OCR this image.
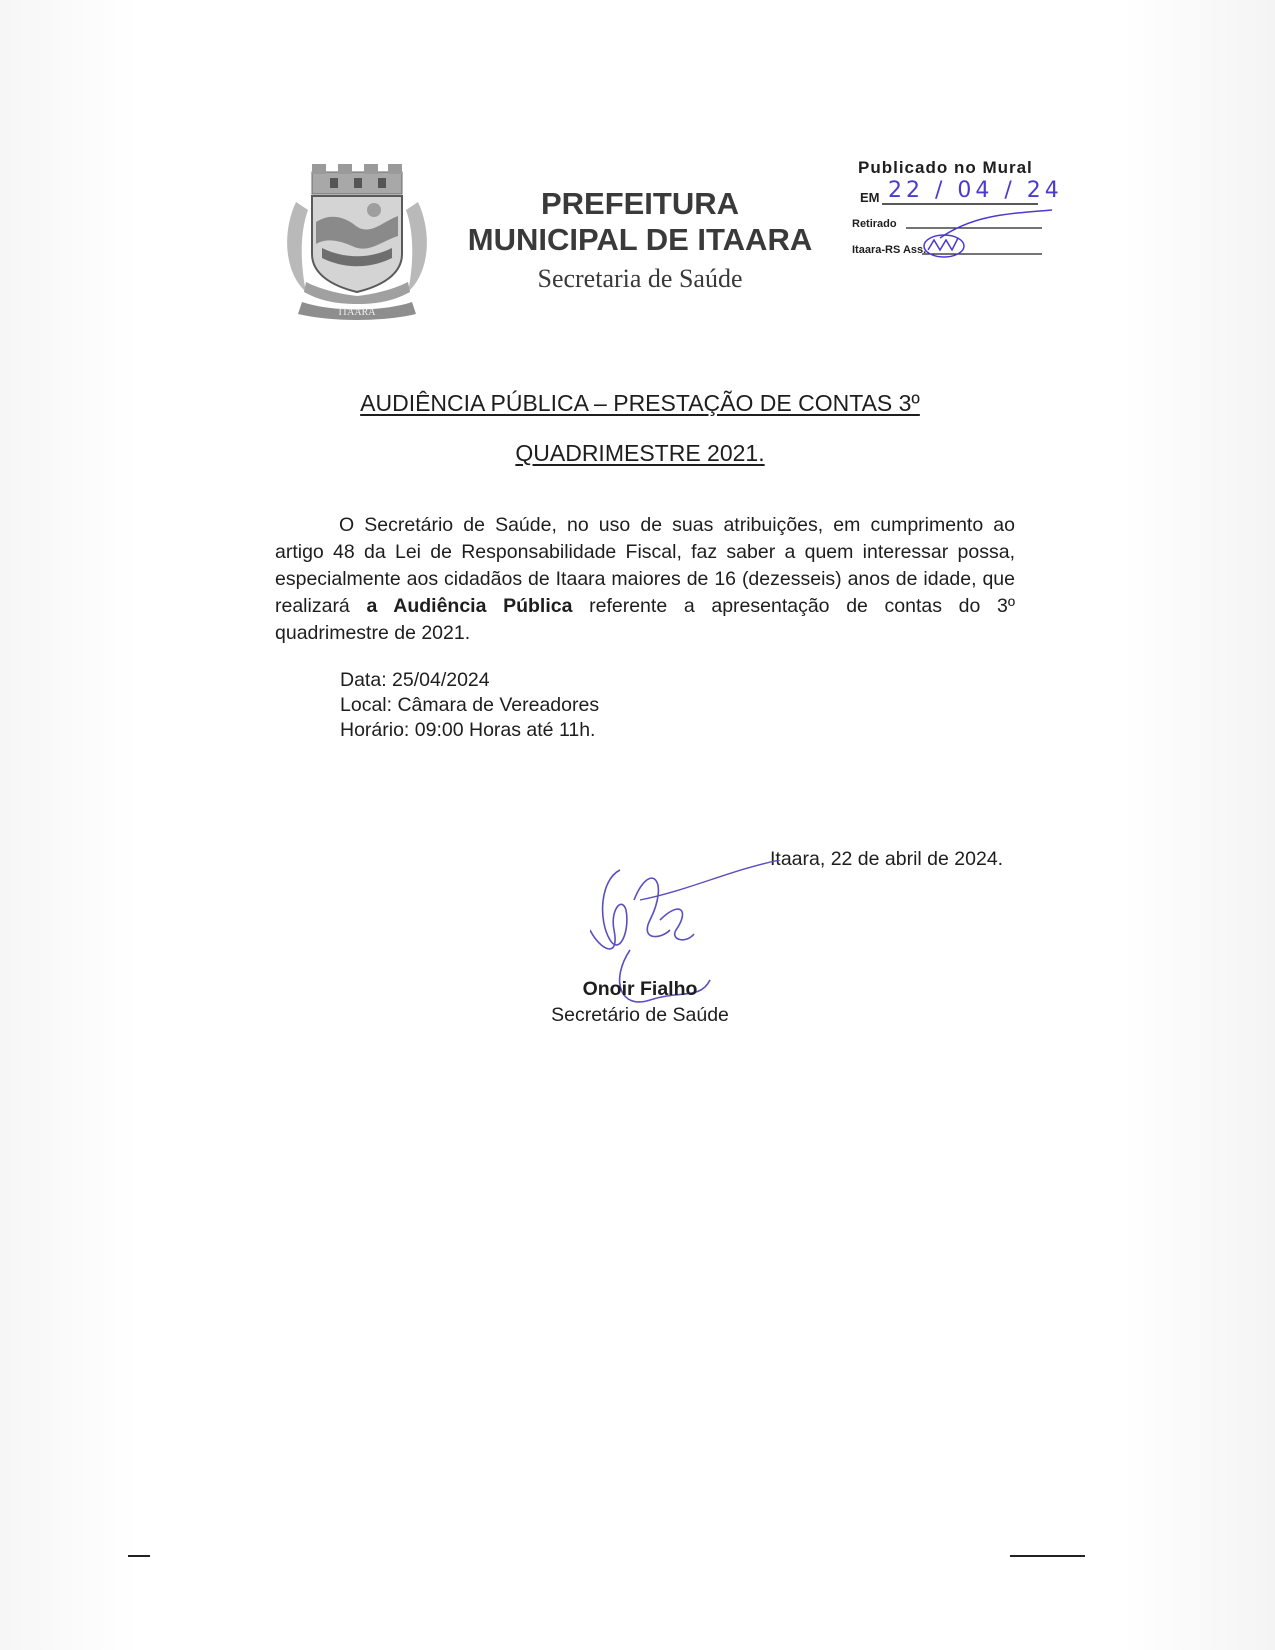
ITAARA
PREFEITURA
MUNICIPAL DE ITAARA
Secretaria de Saúde
Publicado no Mural
EM 22 / 04 / 24
Retirado
Itaara-RS Ass.
AUDIÊNCIA PÚBLICA – PRESTAÇÃO DE CONTAS 3º
QUADRIMESTRE 2021.
O Secretário de Saúde, no uso de suas atribuições, em cumprimento ao artigo 48 da Lei de Responsabilidade Fiscal, faz saber a quem interessar possa, especialmente aos cidadãos de Itaara maiores de 16 (dezesseis) anos de idade, que realizará a Audiência Pública referente a apresentação de contas do 3º quadrimestre de 2021.
Data: 25/04/2024
Local: Câmara de Vereadores
Horário: 09:00 Horas até 11h.
Itaara, 22 de abril de 2024.
Onoir Fialho
Secretário de Saúde
